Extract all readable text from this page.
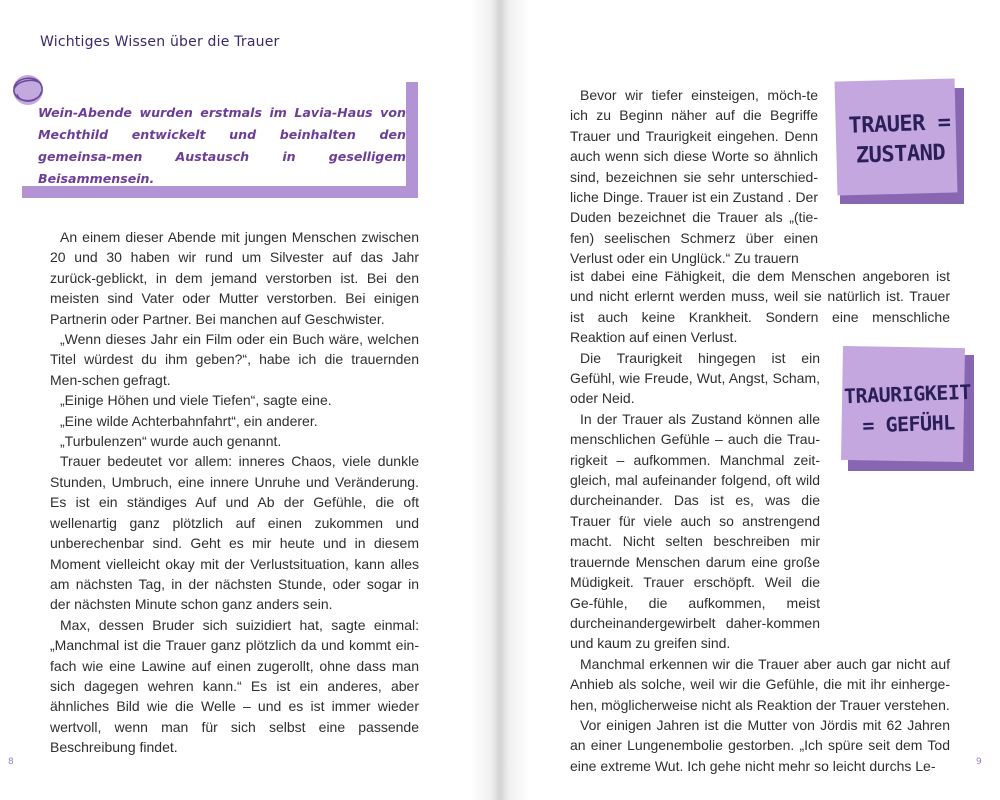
Wichtiges Wissen über die Trauer
Wein-Abende wurden erstmals im Lavia-Haus von Mechthild entwickelt und beinhalten den gemeinsa-men Austausch in geselligem Beisammensein.

An einem dieser Abende mit jungen Menschen zwischen 20 und 30 haben wir rund um Silvester auf das Jahr zurück-geblickt, in dem jemand verstorben ist. Bei den meisten sind Vater oder Mutter verstorben. Bei einigen Partnerin oder Partner. Bei manchen auf Geschwister.

„Wenn dieses Jahr ein Film oder ein Buch wäre, welchen Titel würdest du ihm geben?“, habe ich die trauernden Men-schen gefragt.

„Einige Höhen und viele Tiefen“, sagte eine.

„Eine wilde Achterbahnfahrt“, ein anderer.

„Turbulenzen“ wurde auch genannt.

Trauer bedeutet vor allem: inneres Chaos, viele dunkle Stunden, Umbruch, eine innere Unruhe und Veränderung. Es ist ein ständiges Auf und Ab der Gefühle, die oft wellenartig ganz plötzlich auf einen zukommen und unberechenbar sind. Geht es mir heute und in diesem Moment vielleicht okay mit der Verlustsituation, kann alles am nächsten Tag, in der nächsten Stunde, oder sogar in der nächsten Minute schon ganz anders sein.

Max, dessen Bruder sich suizidiert hat, sagte einmal: „Manchmal ist die Trauer ganz plötzlich da und kommt ein-fach wie eine Lawine auf einen zugerollt, ohne dass man sich dagegen wehren kann.“ Es ist ein anderes, aber ähnliches Bild wie die Welle – und es ist immer wieder wertvoll, wenn man für sich selbst eine passende Beschreibung findet.

8
TRAUER = ZUSTAND

Bevor wir tiefer einsteigen, möch-te ich zu Beginn näher auf die Begriffe Trauer und Traurigkeit eingehen. Denn auch wenn sich diese Worte so ähnlich sind, bezeichnen sie sehr unterschied-liche Dinge. Trauer ist ein Zustand . Der Duden bezeichnet die Trauer als „(tie-fen) seelischen Schmerz über einen Verlust oder ein Unglück.“ Zu trauern

TRAURIGKEIT = GEFÜHL

ist dabei eine Fähigkeit, die dem Menschen angeboren ist und nicht erlernt werden muss, weil sie natürlich ist. Trauer ist auch keine Krankheit. Sondern eine menschliche Reaktion auf einen Verlust.

Die Traurigkeit hingegen ist ein Gefühl, wie Freude, Wut, Angst, Scham, oder Neid.

In der Trauer als Zustand können alle menschlichen Gefühle – auch die Trau-rigkeit – aufkommen. Manchmal zeit-gleich, mal aufeinander folgend, oft wild durcheinander. Das ist es, was die Trauer für viele auch so anstrengend macht. Nicht selten beschreiben mir trauernde Menschen darum eine große Müdigkeit. Trauer erschöpft. Weil die Ge-fühle, die aufkommen, meist durcheinandergewirbelt daher-kommen und kaum zu greifen sind.

Manchmal erkennen wir die Trauer aber auch gar nicht auf Anhieb als solche, weil wir die Gefühle, die mit ihr einherge-hen, möglicherweise nicht als Reaktion der Trauer verstehen.

Vor einigen Jahren ist die Mutter von Jördis mit 62 Jahren an einer Lungenembolie gestorben. „Ich spüre seit dem Tod eine extreme Wut. Ich gehe nicht mehr so leicht durchs Le-	9
